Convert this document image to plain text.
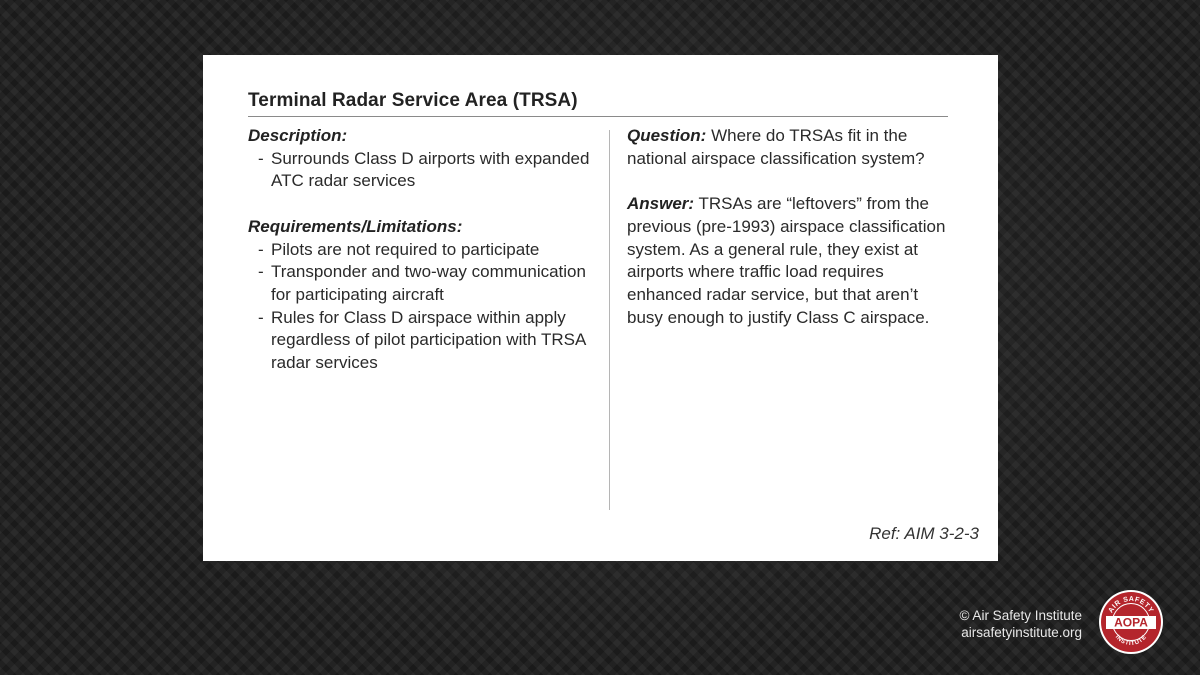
Terminal Radar Service Area (TRSA)
Description:
- Surrounds Class D airports with expanded ATC radar services
Requirements/Limitations:
- Pilots are not required to participate
- Transponder and two-way communication for participating aircraft
- Rules for Class D airspace within apply regardless of pilot participation with TRSA radar services
Question: Where do TRSAs fit in the national airspace classification system?
Answer: TRSAs are “leftovers” from the previous (pre-1993) airspace classification system. As a general rule, they exist at airports where traffic load requires enhanced radar service, but that aren’t busy enough to justify Class C airspace.
Ref: AIM 3-2-3
© Air Safety Institute
airsafetyinstitute.org
AIR SAFETY
INSTITUTE
AOPA
